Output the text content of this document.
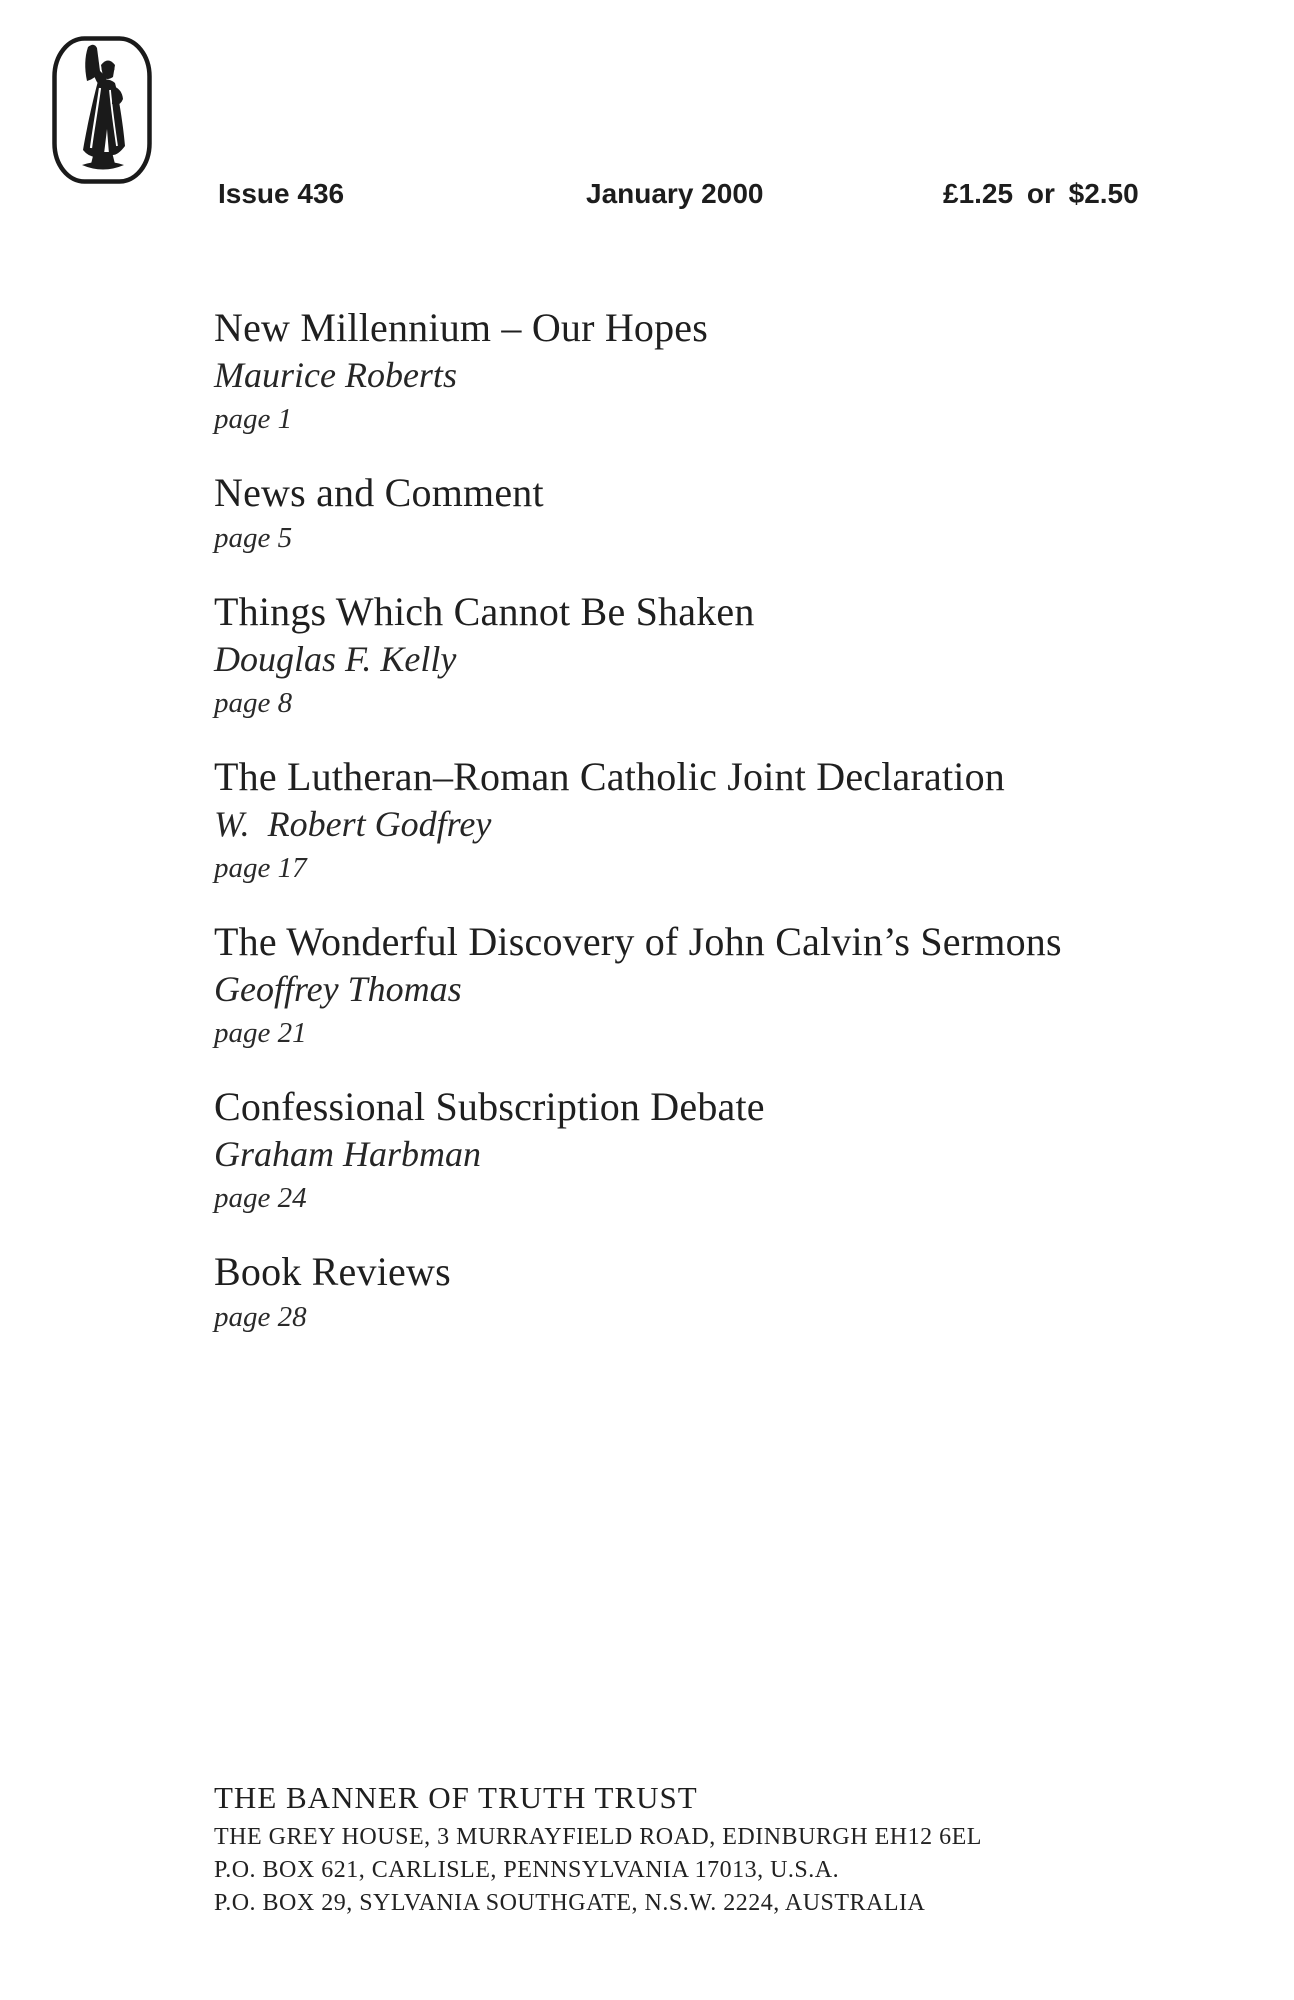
Issue 436	January 2000	£1.25 or $2.50
New Millennium – Our Hopes
Maurice Roberts
page 1
News and Comment
page 5
Things Which Cannot Be Shaken
Douglas F. Kelly
page 8
The Lutheran–Roman Catholic Joint Declaration
W.  Robert Godfrey
page 17
The Wonderful Discovery of John Calvin’s Sermons
Geoffrey Thomas
page 21
Confessional Subscription Debate
Graham Harbman
page 24
Book Reviews
page 28
THE BANNER OF TRUTH TRUST
THE GREY HOUSE, 3 MURRAYFIELD ROAD, EDINBURGH EH12 6EL
P.O. BOX 621, CARLISLE, PENNSYLVANIA 17013, U.S.A.
P.O. BOX 29, SYLVANIA SOUTHGATE, N.S.W. 2224, AUSTRALIA
